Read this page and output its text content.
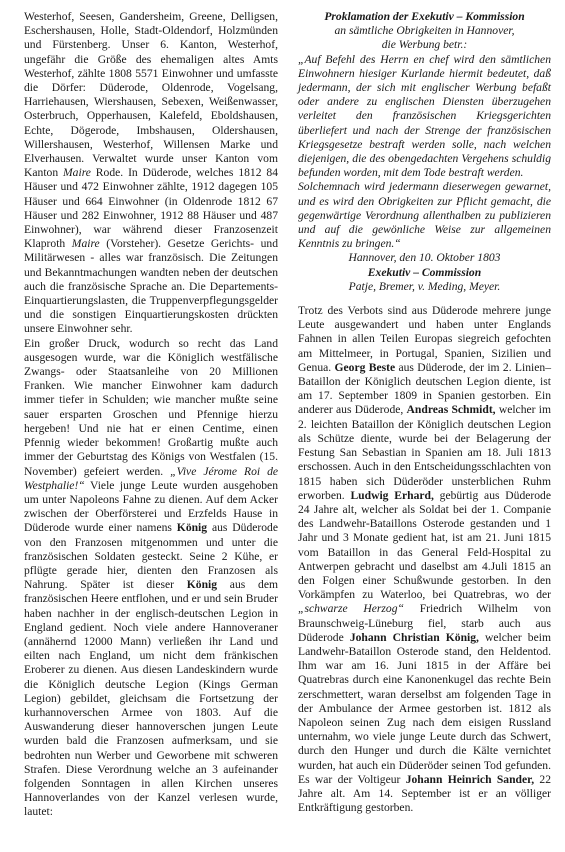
Westerhof, Seesen, Gandersheim, Greene, Delligsen, Eschershausen, Holle, Stadt-Oldendorf, Holzmünden und Fürstenberg. Unser 6. Kanton, Westerhof, ungefähr die Größe des ehemaligen altes Amts Westerhof, zählte 1808 5571 Einwohner und umfasste die Dörfer: Düderode, Oldenrode, Vogelsang, Harriehausen, Wiershausen, Sebexen, Weißenwasser, Osterbruch, Opperhausen, Kalefeld, Eboldshausen, Echte, Dögerode, Imbshausen, Oldershausen, Willershausen, Westerhof, Willensen Marke und Elverhausen. Verwaltet wurde unser Kanton vom Kanton Maire Rode. In Düderode, welches 1812 84 Häuser und 472 Einwohner zählte, 1912 dagegen 105 Häuser und 664 Einwohner (in Oldenrode 1812 67 Häuser und 282 Einwohner, 1912 88 Häuser und 487 Einwohner), war während dieser Franzosenzeit Klaproth Maire (Vorsteher). Gesetze Gerichts- und Militärwesen - alles war französisch. Die Zeitungen und Bekanntmachungen wandten neben der deutschen auch die französische Sprache an. Die Departements- Einquartierungslasten, die Truppenverpflegungsgelder und die sonstigen Einquartierungskosten drückten unsere Einwohner sehr.

Ein großer Druck, wodurch so recht das Land ausgesogen wurde, war die Königlich westfälische Zwangs- oder Staatsanleihe von 20 Millionen Franken. Wie mancher Einwohner kam dadurch immer tiefer in Schulden; wie mancher mußte seine sauer ersparten Groschen und Pfennige hierzu hergeben! Und nie hat er einen Centime, einen Pfennig wieder bekommen! Großartig mußte auch immer der Geburtstag des Königs von Westfalen (15. November) gefeiert werden. „Vive Jérome Roi de Westphalie!“ Viele junge Leute wurden ausgehoben um unter Napoleons Fahne zu dienen. Auf dem Acker zwischen der Oberförsterei und Erzfelds Hause in Düderode wurde einer namens König aus Düderode von den Franzosen mitgenommen und unter die französischen Soldaten gesteckt. Seine 2 Kühe, er pflügte gerade hier, dienten den Franzosen als Nahrung. Später ist dieser König aus dem französischen Heere entflohen, und er und sein Bruder haben nachher in der englisch-deutschen Legion in England gedient. Noch viele andere Hannoveraner (annähernd 12000 Mann) verließen ihr Land und eilten nach England, um nicht dem fränkischen Eroberer zu dienen. Aus diesen Landeskindern wurde die Königlich deutsche Legion (Kings German Legion) gebildet, gleichsam die Fortsetzung der kurhannoverschen Armee von 1803. Auf die Auswanderung dieser hannoverschen jungen Leute wurden bald die Franzosen aufmerksam, und sie bedrohten nun Werber und Geworbene mit schweren Strafen. Diese Verordnung welche an 3 aufeinander folgenden Sonntagen in allen Kirchen unseres Hannoverlandes von der Kanzel verlesen wurde, lautet:

Proklamation der Exekutiv – Kommission
an sämtliche Obrigkeiten in Hannover,
die Werbung betr.:

„Auf Befehl des Herrn en chef wird den sämtlichen Einwohnern hiesiger Kurlande hiermit bedeutet, daß jedermann, der sich mit englischer Werbung befaßt oder andere zu englischen Diensten überzugehen verleitet den französischen Kriegsgerichten überliefert und nach der Strenge der französischen Kriegsgesetze bestraft werden solle, nach welchen diejenigen, die des obengedachten Vergehens schuldig befunden worden, mit dem Tode bestraft werden.

Solchemnach wird jedermann dieserwegen gewarnet, und es wird den Obrigkeiten zur Pflicht gemacht, die gegenwärtige Verordnung allenthalben zu publizieren und auf die gewönliche Weise zur allgemeinen Kenntnis zu bringen.“

Hannover, den 10. Oktober 1803
Exekutiv – Commission
Patje, Bremer, v. Meding, Meyer.

Trotz des Verbots sind aus Düderode mehrere junge Leute ausgewandert und haben unter Englands Fahnen in allen Teilen Europas siegreich gefochten am Mittelmeer, in Portugal, Spanien, Sizilien und Genua. Georg Beste aus Düderode, der im 2. Linien–Bataillon der Königlich deutschen Legion diente, ist am 17. September 1809 in Spanien gestorben. Ein anderer aus Düderode, Andreas Schmidt, welcher im 2. leichten Bataillon der Königlich deutschen Legion als Schütze diente, wurde bei der Belagerung der Festung San Sebastian in Spanien am 18. Juli 1813 erschossen. Auch in den Entscheidungsschlachten von 1815 haben sich Düderöder unsterblichen Ruhm erworben. Ludwig Erhard, gebürtig aus Düderode 24 Jahre alt, welcher als Soldat bei der 1. Companie des Landwehr-Bataillons Osterode gestanden und 1 Jahr und 3 Monate gedient hat, ist am 21. Juni 1815 vom Bataillon in das General Feld-Hospital zu Antwerpen gebracht und daselbst am 4.Juli 1815 an den Folgen einer Schußwunde gestorben. In den Vorkämpfen zu Waterloo, bei Quatrebras, wo der „schwarze Herzog“ Friedrich Wilhelm von Braunschweig-Lüneburg fiel, starb auch aus Düderode Johann Christian König, welcher beim Landwehr-Bataillon Osterode stand, den Heldentod. Ihm war am 16. Juni 1815 in der Affäre bei Quatrebras durch eine Kanonenkugel das rechte Bein zerschmettert, waran derselbst am folgenden Tage in der Ambulance der Armee gestorben ist. 1812 als Napoleon seinen Zug nach dem eisigen Russland unternahm, wo viele junge Leute durch das Schwert, durch den Hunger und durch die Kälte vernichtet wurden, hat auch ein Düderöder seinen Tod gefunden. Es war der Voltigeur Johann Heinrich Sander, 22 Jahre alt. Am 14. September ist er an völliger Entkräftigung gestorben.
